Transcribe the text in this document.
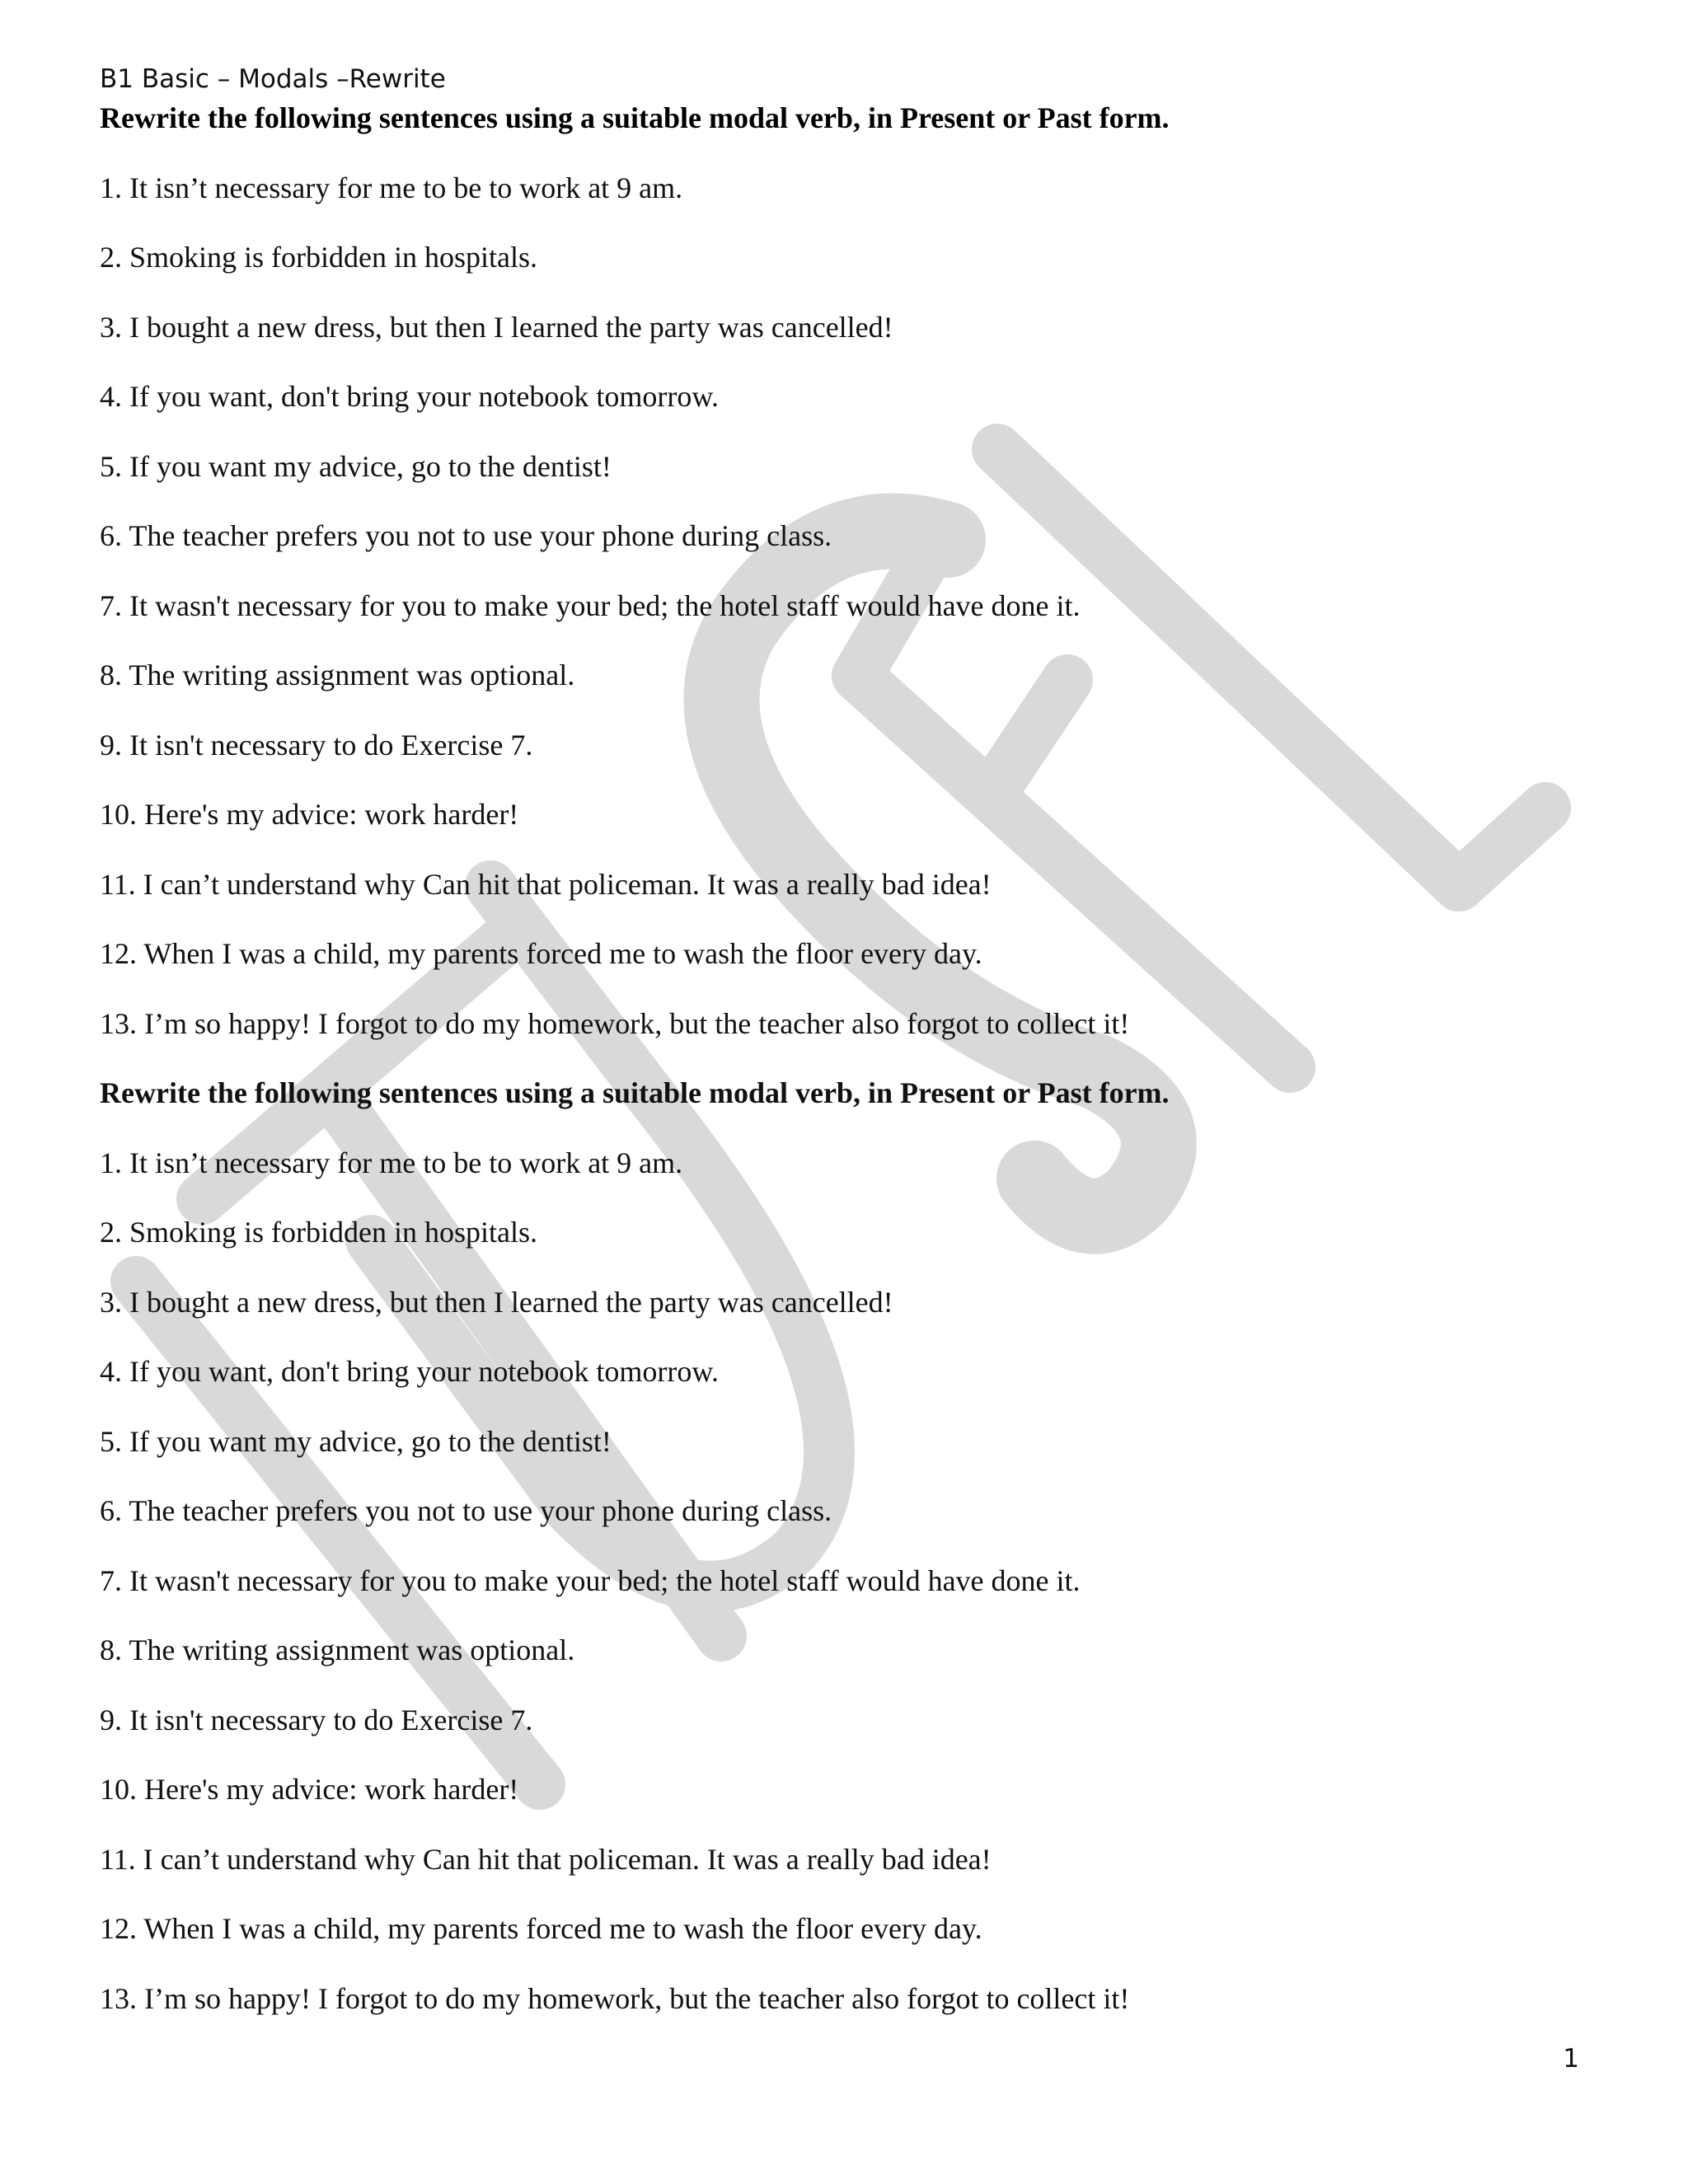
B1 Basic – Modals –Rewrite
Rewrite the following sentences using a suitable modal verb, in Present or Past form.
1. It isn’t necessary for me to be to work at 9 am.
2. Smoking is forbidden in hospitals.
3. I bought a new dress, but then I learned the party was cancelled!
4. If you want, don't bring your notebook tomorrow.
5. If you want my advice, go to the dentist!
6. The teacher prefers you not to use your phone during class.
7. It wasn't necessary for you to make your bed; the hotel staff would have done it.
8. The writing assignment was optional.
9. It isn't necessary to do Exercise 7.
10. Here's my advice: work harder!
11. I can’t understand why Can hit that policeman. It was a really bad idea!
12. When I was a child, my parents forced me to wash the floor every day.
13. I’m so happy! I forgot to do my homework, but the teacher also forgot to collect it!
Rewrite the following sentences using a suitable modal verb, in Present or Past form.
1. It isn’t necessary for me to be to work at 9 am.
2. Smoking is forbidden in hospitals.
3. I bought a new dress, but then I learned the party was cancelled!
4. If you want, don't bring your notebook tomorrow.
5. If you want my advice, go to the dentist!
6. The teacher prefers you not to use your phone during class.
7. It wasn't necessary for you to make your bed; the hotel staff would have done it.
8. The writing assignment was optional.
9. It isn't necessary to do Exercise 7.
10. Here's my advice: work harder!
11. I can’t understand why Can hit that policeman. It was a really bad idea!
12. When I was a child, my parents forced me to wash the floor every day.
13. I’m so happy! I forgot to do my homework, but the teacher also forgot to collect it!
1
